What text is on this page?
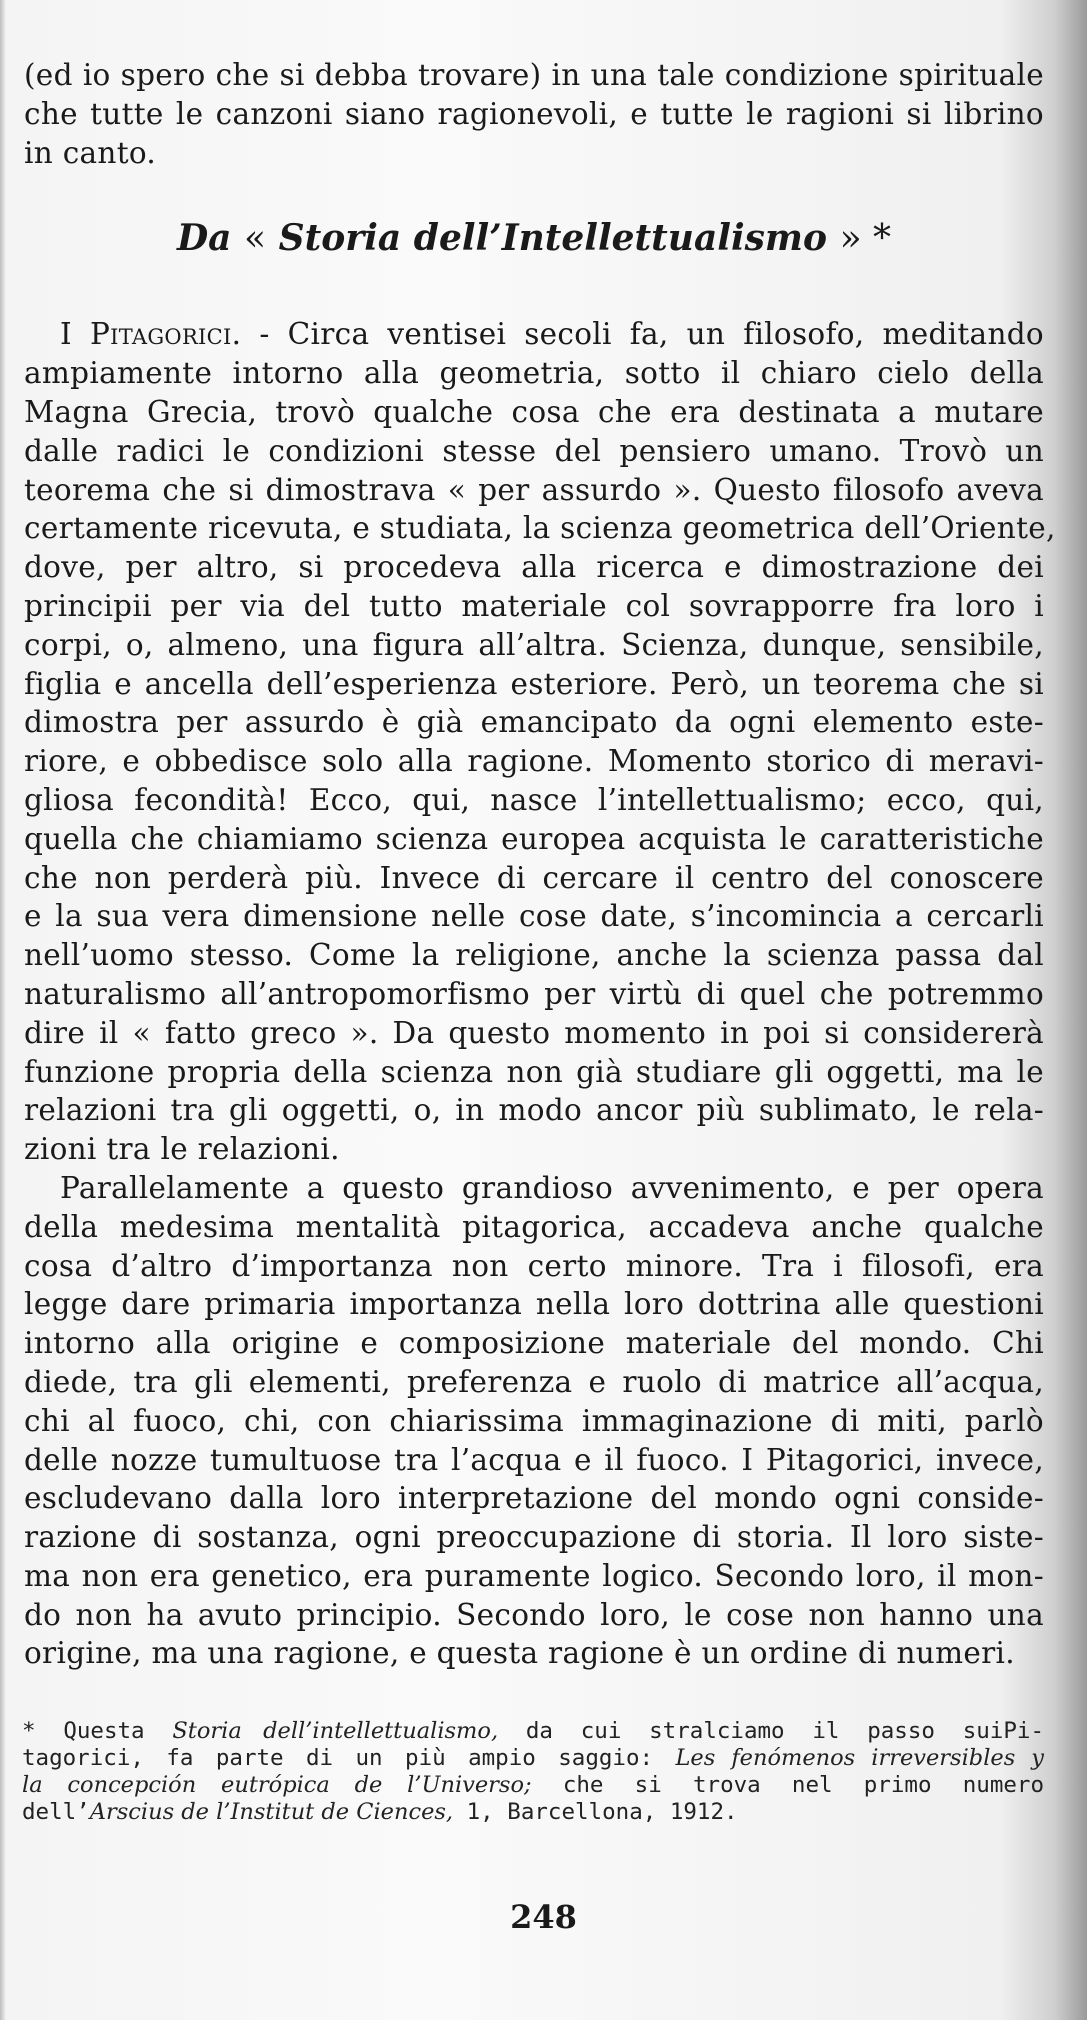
(ed io spero che si debba trovare) in una tale condizione spirituale
che tutte le canzoni siano ragionevoli, e tutte le ragioni si librino
in canto.
Da « Storia dell’Intellettualismo » *
I Pitagorici. - Circa ventisei secoli fa, un filosofo, meditando
ampiamente intorno alla geometria, sotto il chiaro cielo della
Magna Grecia, trovò qualche cosa che era destinata a mutare
dalle radici le condizioni stesse del pensiero umano. Trovò un
teorema che si dimostrava « per assurdo ». Questo filosofo aveva
certamente ricevuta, e studiata, la scienza geometrica dell’Oriente,
dove, per altro, si procedeva alla ricerca e dimostrazione dei
principii per via del tutto materiale col sovrapporre fra loro i
corpi, o, almeno, una figura all’altra. Scienza, dunque, sensibile,
figlia e ancella dell’esperienza esteriore. Però, un teorema che si
dimostra per assurdo è già emancipato da ogni elemento este-
riore, e obbedisce solo alla ragione. Momento storico di meravi-
gliosa fecondità! Ecco, qui, nasce l’intellettualismo; ecco, qui,
quella che chiamiamo scienza europea acquista le caratteristiche
che non perderà più. Invece di cercare il centro del conoscere
e la sua vera dimensione nelle cose date, s’incomincia a cercarli
nell’uomo stesso. Come la religione, anche la scienza passa dal
naturalismo all’antropomorfismo per virtù di quel che potremmo
dire il « fatto greco ». Da questo momento in poi si considererà
funzione propria della scienza non già studiare gli oggetti, ma le
relazioni tra gli oggetti, o, in modo ancor più sublimato, le rela-
zioni tra le relazioni.
Parallelamente a questo grandioso avvenimento, e per opera
della medesima mentalità pitagorica, accadeva anche qualche
cosa d’altro d’importanza non certo minore. Tra i filosofi, era
legge dare primaria importanza nella loro dottrina alle questioni
intorno alla origine e composizione materiale del mondo. Chi
diede, tra gli elementi, preferenza e ruolo di matrice all’acqua,
chi al fuoco, chi, con chiarissima immaginazione di miti, parlò
delle nozze tumultuose tra l’acqua e il fuoco. I Pitagorici, invece,
escludevano dalla loro interpretazione del mondo ogni conside-
razione di sostanza, ogni preoccupazione di storia. Il loro siste-
ma non era genetico, era puramente logico. Secondo loro, il mon-
do non ha avuto principio. Secondo loro, le cose non hanno una
origine, ma una ragione, e questa ragione è un ordine di numeri.
* Questa Storia dell’intellettualismo, da cui stralciamo il passo suiPi-
tagorici, fa parte di un più ampio saggio: Les fenómenos irreversibles y
la concepción eutrópica de l’Universo; che si trova nel primo numero
dell’Arscius de l’Institut de Ciences, 1, Barcellona, 1912.
248
